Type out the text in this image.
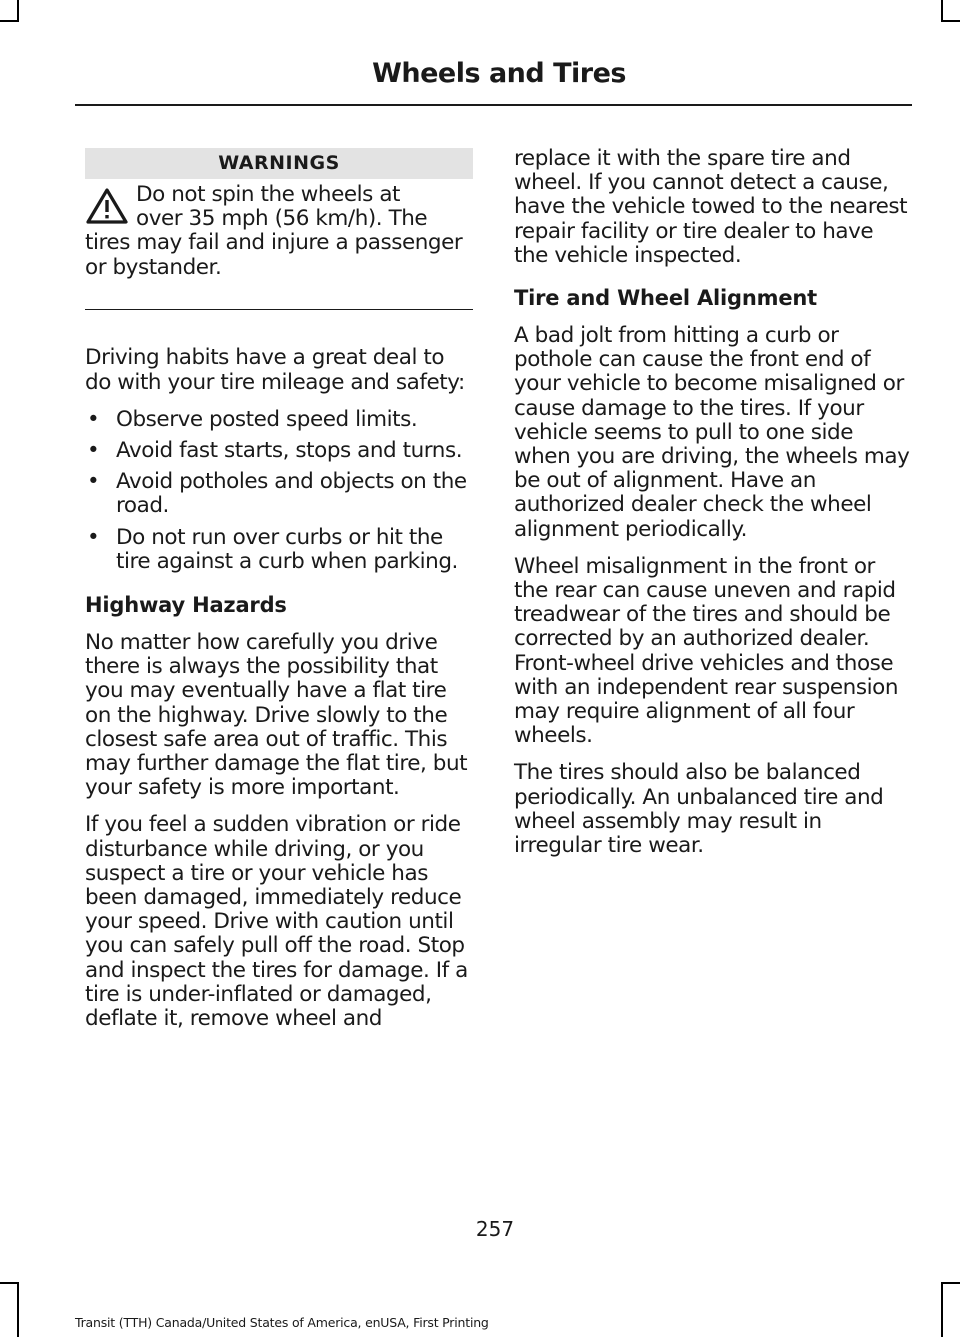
Wheels and Tires
WARNINGS
Do not spin the wheels at
over 35 mph (56 km/h). The
tires may fail and injure a passenger or bystander.

Driving habits have a great deal to do with your tire mileage and safety:

• Observe posted speed limits.
• Avoid fast starts, stops and turns.
• Avoid potholes and objects on the road.
• Do not run over curbs or hit the tire against a curb when parking.
Highway Hazards

No matter how carefully you drive there is always the possibility that you may eventually have a flat tire on the highway. Drive slowly to the closest safe area out of traffic. This may further damage the flat tire, but your safety is more important.

If you feel a sudden vibration or ride disturbance while driving, or you suspect a tire or your vehicle has been damaged, immediately reduce your speed. Drive with caution until you can safely pull off the road. Stop and inspect the tires for damage. If a tire is under-inflated or damaged, deflate it, remove wheel and

replace it with the spare tire and wheel. If you cannot detect a cause, have the vehicle towed to the nearest repair facility or tire dealer to have the vehicle inspected.

Tire and Wheel Alignment

A bad jolt from hitting a curb or pothole can cause the front end of your vehicle to become misaligned or cause damage to the tires. If your vehicle seems to pull to one side when you are driving, the wheels may be out of alignment. Have an authorized dealer check the wheel alignment periodically.

Wheel misalignment in the front or the rear can cause uneven and rapid treadwear of the tires and should be corrected by an authorized dealer. Front-wheel drive vehicles and those with an independent rear suspension may require alignment of all four wheels.

The tires should also be balanced periodically. An unbalanced tire and wheel assembly may result in irregular tire wear.

257
Transit (TTH) Canada/United States of America, enUSA, First Printing
